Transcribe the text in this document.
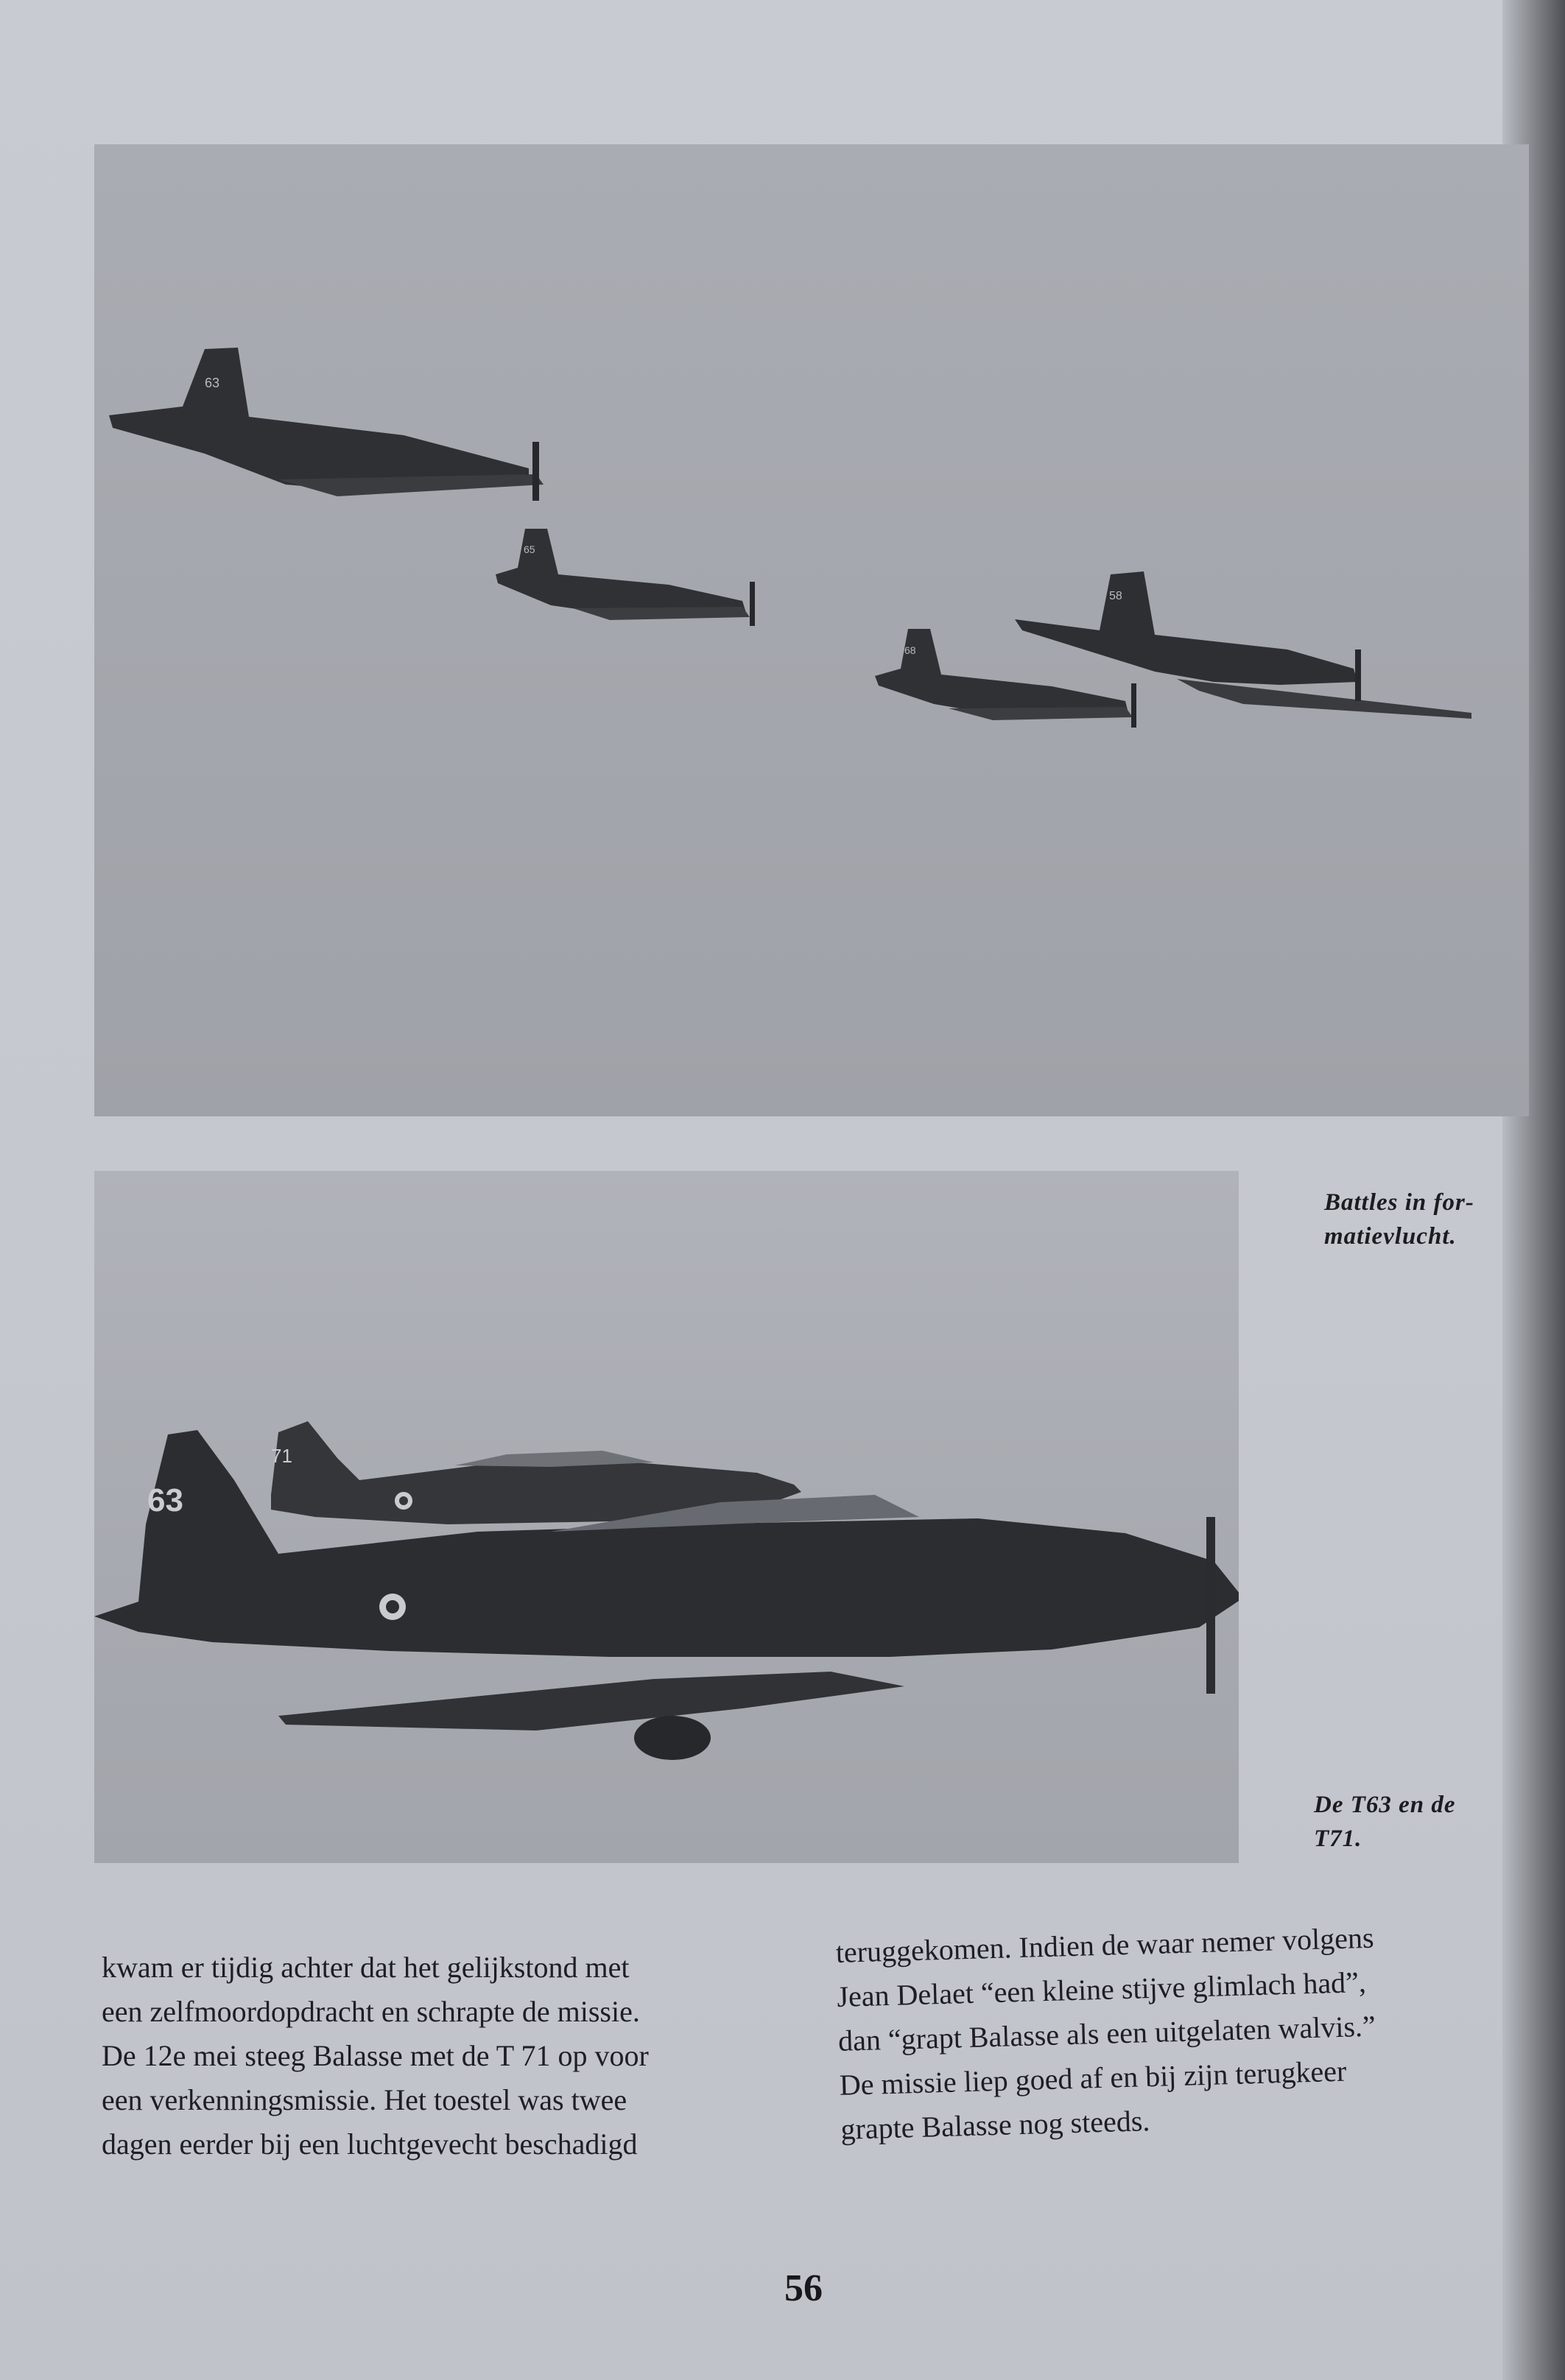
63
65
68
58
Battles in for-
matievlucht.
71
63
De T63 en de
T71.
kwam er tijdig achter dat het gelijkstond met
een zelfmoordopdracht en schrapte de missie.
De 12e mei steeg Balasse met de T 71 op voor
een verkenningsmissie. Het toestel was twee
dagen eerder bij een luchtgevecht beschadigd
teruggekomen. Indien de waar nemer volgens
Jean Delaet “een kleine stijve glimlach had”,
dan “grapt Balasse als een uitgelaten walvis.”
De missie liep goed af en bij zijn terugkeer
grapte Balasse nog steeds.
56
